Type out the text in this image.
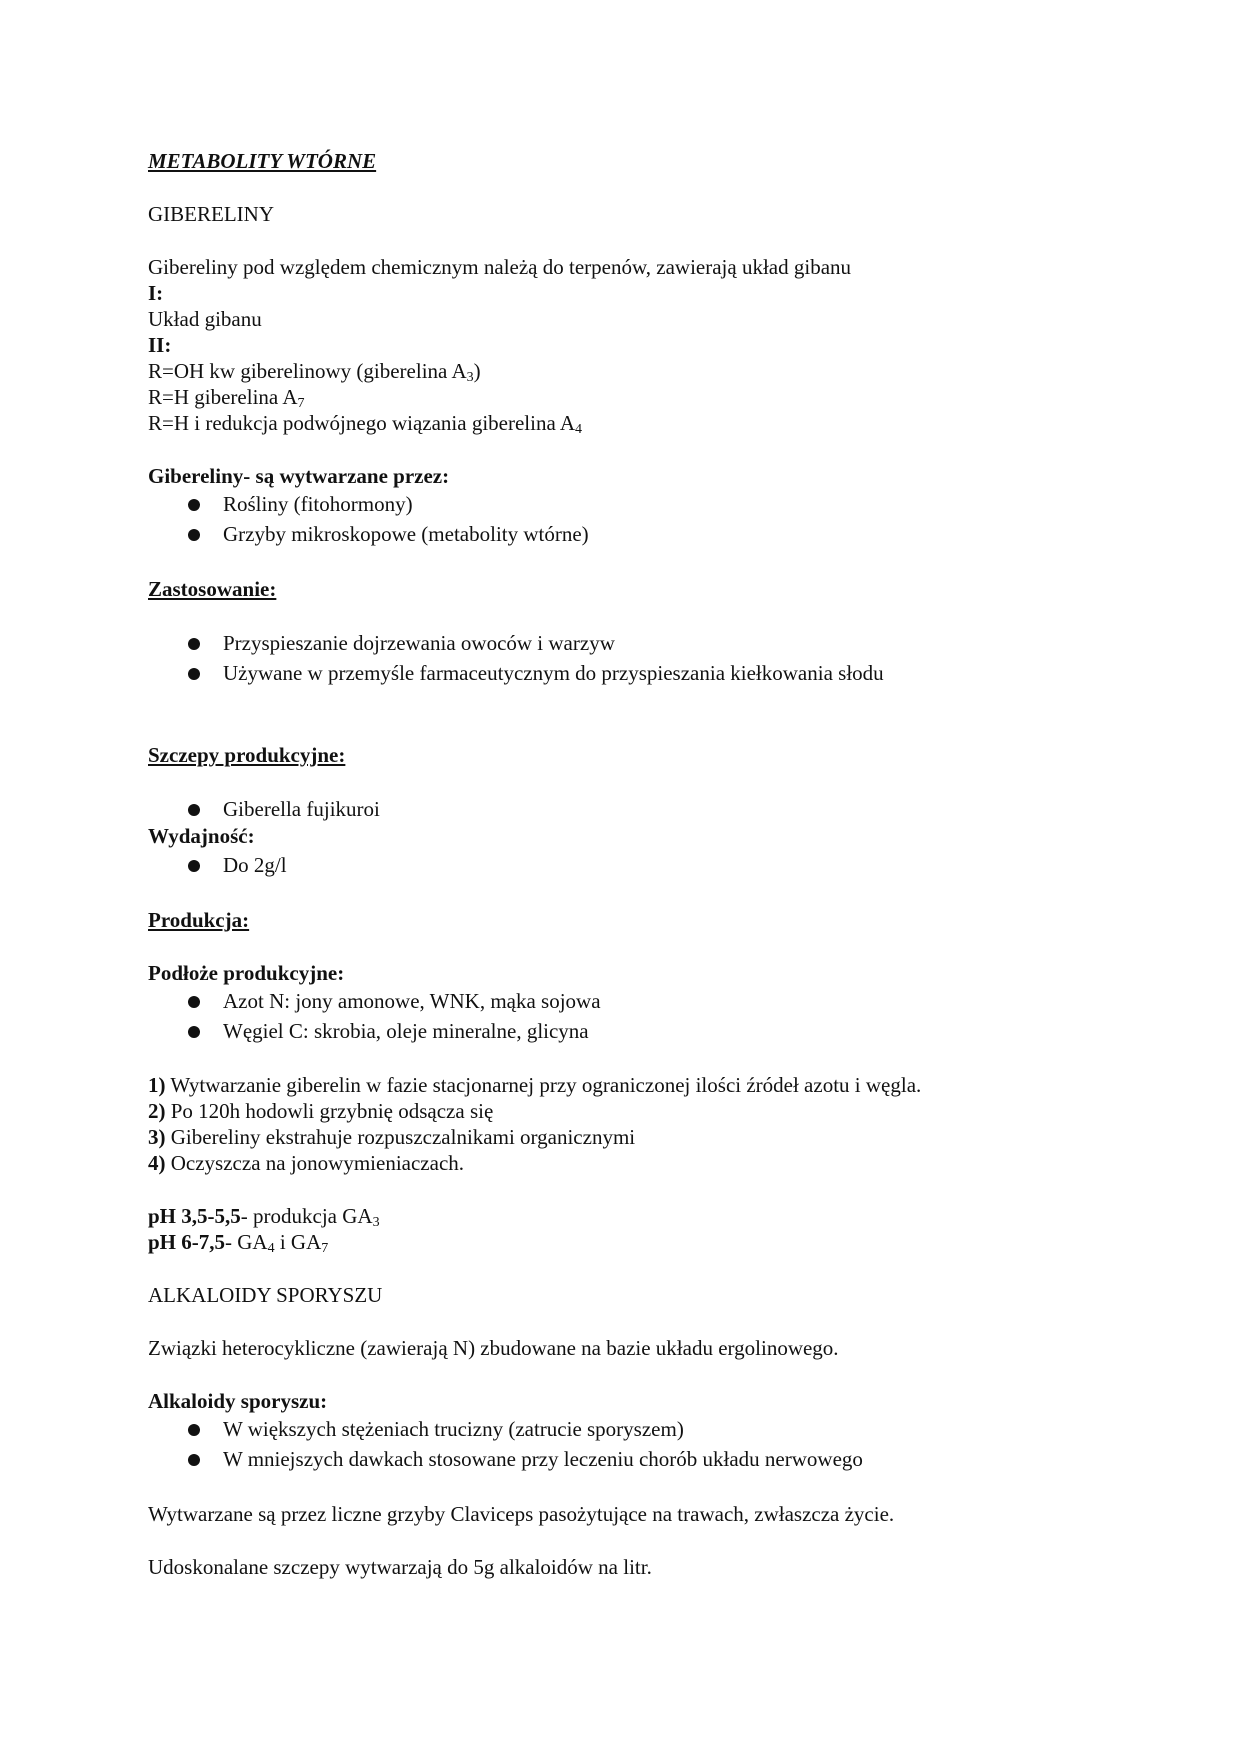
METABOLITY WTÓRNE
GIBERELINY
Gibereliny pod względem chemicznym należą do terpenów, zawierają układ gibanu
I:
Układ gibanu
II:
R=OH kw giberelinowy (giberelina $A_3$)
R=H giberelina $A_7$
R=H i redukcja podwójnego wiązania giberelina $A_4$
Gibereliny- są wytwarzane przez:
Rośliny (fitohormony)
Grzyby mikroskopowe (metabolity wtórne)
Zastosowanie:
Przyspieszanie dojrzewania owoców i warzyw
Używane w przemyśle farmaceutycznym do przyspieszania kiełkowania słodu
Szczepy produkcyjne:
Giberella fujikuroi
Wydajność:
Do 2g/l
Produkcja:
Podłoże produkcyjne:
Azot N: jony amonowe, WNK, mąka sojowa
Węgiel C: skrobia, oleje mineralne, glicyna
1) Wytwarzanie giberelin w fazie stacjonarnej przy ograniczonej ilości źródeł azotu i węgla.
2) Po 120h hodowli grzybnię odsącza się
3) Gibereliny ekstrahuje rozpuszczalnikami organicznymi
4) Oczyszcza na jonowymieniaczach.
pH 3,5-5,5- produkcja $GA_3$
pH 6-7,5- $GA_4$ i $GA_7$
ALKALOIDY SPORYSZU
Związki heterocykliczne (zawierają N) zbudowane na bazie układu ergolinowego.
Alkaloidy sporyszu:
W większych stężeniach trucizny (zatrucie sporyszem)
W mniejszych dawkach stosowane przy leczeniu chorób układu nerwowego
Wytwarzane są przez liczne grzyby Claviceps pasożytujące na trawach, zwłaszcza życie.
Udoskonalane szczepy wytwarzają do 5g alkaloidów na litr.
